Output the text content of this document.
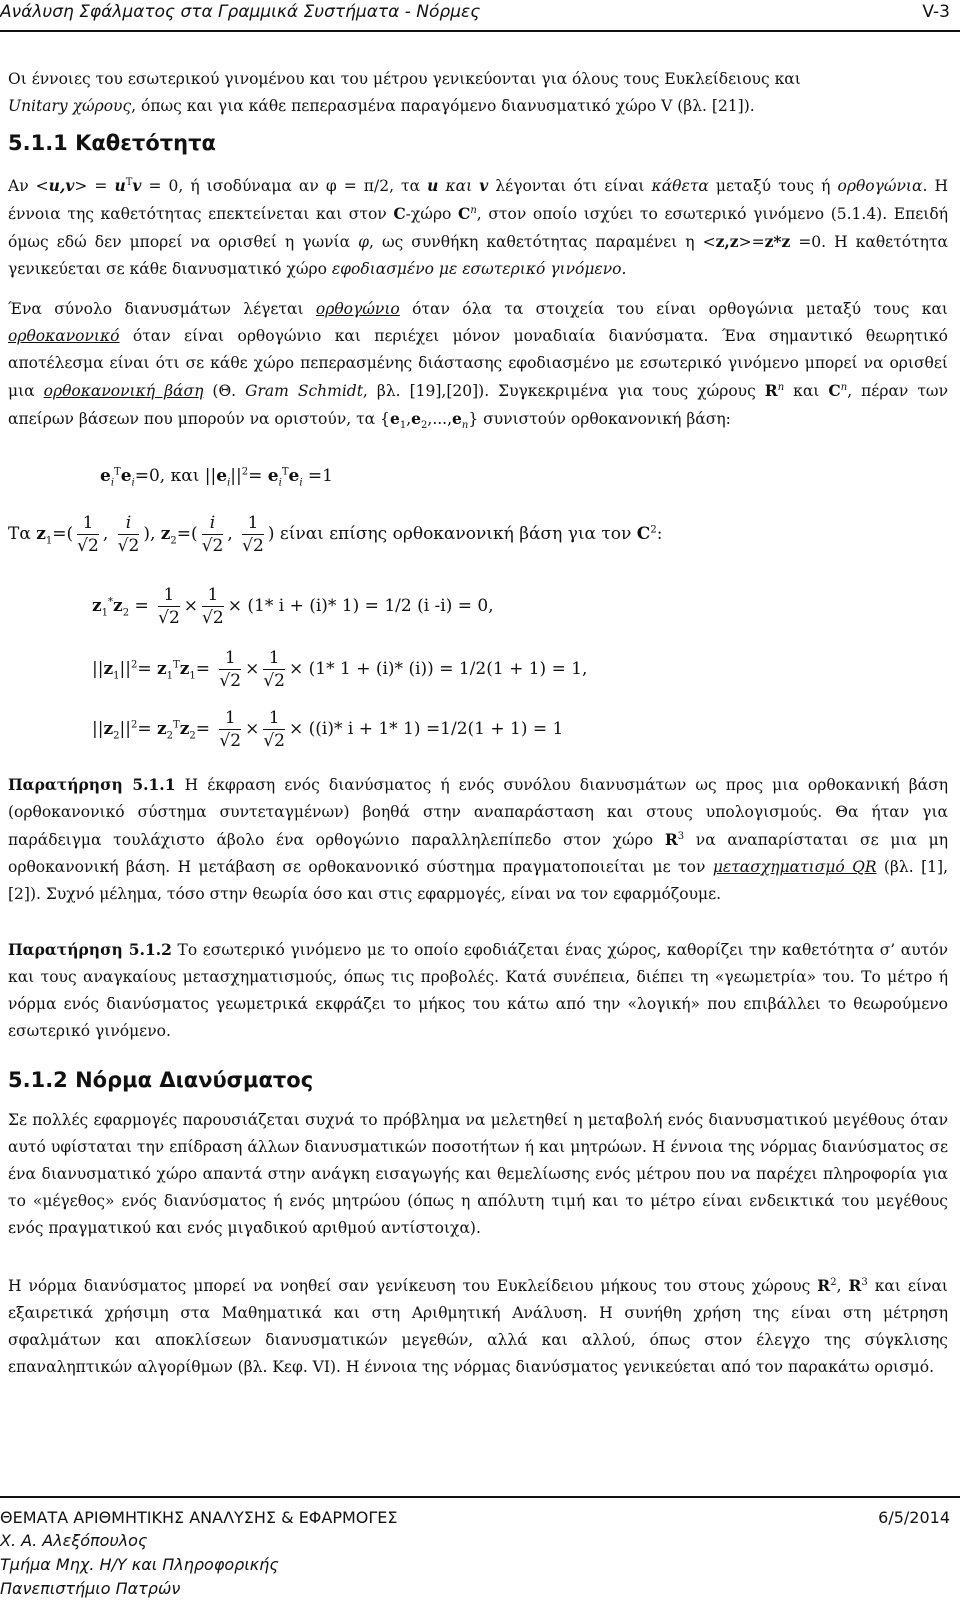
Ανάλυση Σφάλματος στα Γραμμικά Συστήματα - Νόρμες	V-3
Οι έννοιες του εσωτερικού γινομένου και του μέτρου γενικεύονται για όλους τους Ευκλείδειους και
Unitary χώρους, όπως και για κάθε πεπερασμένα παραγόμενο διανυσματικό χώρο V (βλ. [21]).
5.1.1 Καθετότητα
$A\nu <u,v> = u^Tv = 0$, ή ισοδύναμα αν φ = π/2, τα u και v λέγονται ότι είναι κάθετα μεταξύ τους ή ορθογώνια. Η έννοια της καθετότητας επεκτείνεται και στον C-χώρο $C^n$, στον οποίο ισχύει το εσωτερικό γινόμενο (5.1.4). Επειδή όμως εδώ δεν μπορεί να ορισθεί η γωνία φ, ως συνθήκη καθετότητας παραμένει η <z,z>=z*z =0. Η καθετότητα γενικεύεται σε κάθε διανυσματικό χώρο εφοδιασμένο με εσωτερικό γινόμενο.
Ένα σύνολο διανυσμάτων λέγεται ορθογώνιο όταν όλα τα στοιχεία του είναι ορθογώνια μεταξύ τους και ορθοκανονικό όταν είναι ορθογώνιο και περιέχει μόνον μοναδιαία διανύσματα. Ένα σημαντικό θεωρητικό αποτέλεσμα είναι ότι σε κάθε χώρο πεπερασμένης διάστασης εφοδιασμένο με εσωτερικό γινόμενο μπορεί να ορισθεί μια ορθοκανονική βάση (Θ. Gram Schmidt, βλ. [19],[20]). Συγκεκριμένα για τους χώρους $R^n$ και $C^n$, πέραν των απείρων βάσεων που μπορούν να οριστούν, τα $\{e_1,e_2,...,e_n\}$ συνιστούν ορθοκανονική βάση:
$e_i^Te_i=0$, και $||e_i||^2= e_i^Te_i =1$
Τα $z_1=$( 1
√ 2 , i
√ 2 ), $z_2=$( i
√ 2 , 1
√ 2 ) είναι επίσης ορθοκανονική βάση για τον $C^2$:
$z_1^*z_2 = 1$
√ 2 × 1
√ 2 × (1* i + (i)* 1) = 1/2 (i -i) = 0,
$||z_1||^2= z_1^Tz_1= 1$
√ 2 × 1
√ 2 × (1* 1 + (i)* (i)) = 1/2(1 + 1) = 1,
$||z_2||^2= z_2^Tz_2= 1$
√ 2 × 1
√ 2 × ((i)* i + 1* 1) =1/2(1 + 1) = 1
Παρατήρηση 5.1.1 Η έκφραση ενός διανύσματος ή ενός συνόλου διανυσμάτων ως προς μια ορθοκανική βάση (ορθοκανονικό σύστημα συντεταγμένων) βοηθά στην αναπαράσταση και στους υπολογισμούς. Θα ήταν για παράδειγμα τουλάχιστο άβολο ένα ορθογώνιο παραλληλεπίπεδο στον χώρο $R^3$ να αναπαρίσταται σε μια μη ορθοκανονική βάση. Η μετάβαση σε ορθοκανονικό σύστημα πραγματοποιείται με τον μετασχηματισμό QR (βλ. [1],[2]). Συχνό μέλημα, τόσο στην θεωρία όσο και στις εφαρμογές, είναι να τον εφαρμόζουμε.
Παρατήρηση 5.1.2 Το εσωτερικό γινόμενο με το οποίο εφοδιάζεται ένας χώρος, καθορίζει την καθετότητα σ’ αυτόν και τους αναγκαίους μετασχηματισμούς, όπως τις προβολές. Κατά συνέπεια, διέπει τη «γεωμετρία» του. Το μέτρο ή νόρμα ενός διανύσματος γεωμετρικά εκφράζει το μήκος του κάτω από την «λογική» που επιβάλλει το θεωρούμενο εσωτερικό γινόμενο.
5.1.2 Νόρμα Διανύσματος
Σε πολλές εφαρμογές παρουσιάζεται συχνά το πρόβλημα να μελετηθεί η μεταβολή ενός διανυσματικού μεγέθους όταν αυτό υφίσταται την επίδραση άλλων διανυσματικών ποσοτήτων ή και μητρώων. Η έννοια της νόρμας διανύσματος σε ένα διανυσματικό χώρο απαντά στην ανάγκη εισαγωγής και θεμελίωσης ενός μέτρου που να παρέχει πληροφορία για το «μέγεθος» ενός διανύσματος ή ενός μητρώου (όπως η απόλυτη τιμή και το μέτρο είναι ενδεικτικά του μεγέθους ενός πραγματικού και ενός μιγαδικού αριθμού αντίστοιχα).
Η νόρμα διανύσματος μπορεί να νοηθεί σαν γενίκευση του Ευκλείδειου μήκους του στους χώρους $R^2$, $R^3$ και είναι εξαιρετικά χρήσιμη στα Μαθηματικά και στη Αριθμητική Ανάλυση. Η συνήθη χρήση της είναι στη μέτρηση σφαλμάτων και αποκλίσεων διανυσματικών μεγεθών, αλλά και αλλού, όπως στον έλεγχο της σύγκλισης επαναληπτικών αλγορίθμων (βλ. Κεφ. VI). Η έννοια της νόρμας διανύσματος γενικεύεται από τον παρακάτω ορισμό.
ΘΕΜΑΤΑ ΑΡΙΘΜΗΤΙΚΗΣ ΑΝΑΛΥΣΗΣ & ΕΦΑΡΜΟΓΕΣ	6/5/2014
Χ. Α. Αλεξόπουλος
Τμήμα Μηχ. Η/Υ και Πληροφορικής
Πανεπιστήμιο Πατρών
